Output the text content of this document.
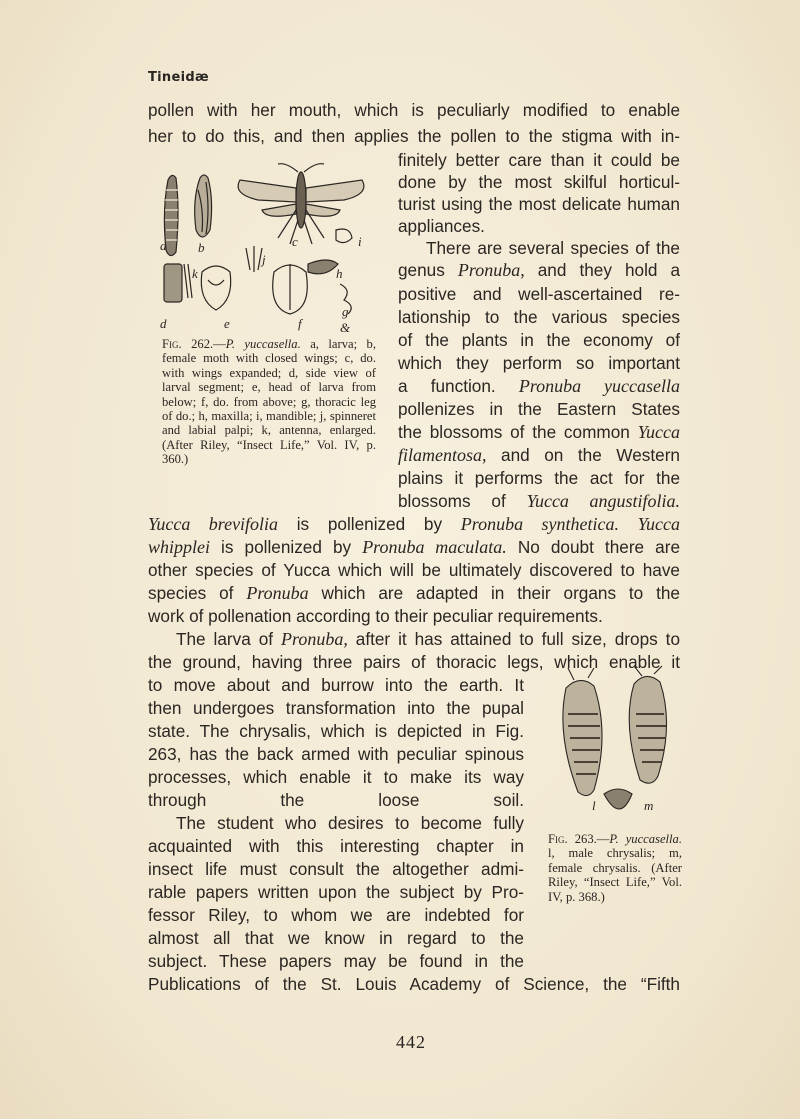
Tineidæ
pollen with her mouth, which is peculiarly modified to enable
her to do this, and then applies the pollen to the stigma with in-
finitely better care than it could be
done by the most skilful horticul-
turist using the most delicate human
appliances.
There are several species of the
genus Pronuba, and they hold a
positive and well-ascertained re-
lationship to the various species
of the plants in the economy of
which they perform so important
a function. Pronuba yuccasella
pollenizes in the Eastern States
the blossoms of the common Yucca
filamentosa, and on the Western
plains it performs the act for the
blossoms of Yucca angustifolia.
Yucca brevifolia is pollenized by Pronuba synthetica. Yucca
whipplei is pollenized by Pronuba maculata. No doubt there are
other species of Yucca which will be ultimately discovered to have
species of Pronuba which are adapted in their organs to the
work of pollenation according to their peculiar requirements.
The larva of Pronuba, after it has attained to full size, drops to
the ground, having three pairs of thoracic legs, which enable it
to move about and burrow into the earth. It
then undergoes transformation into the pupal
state. The chrysalis, which is depicted in Fig.
263, has the back armed with peculiar spinous
processes, which enable it to make its way
through the loose soil.
The student who desires to become fully
acquainted with this interesting chapter in
insect life must consult the altogether admi-
rable papers written upon the subject by Pro-
fessor Riley, to whom we are indebted for
almost all that we know in regard to the
subject. These papers may be found in the
Publications of the St. Louis Academy of Science, the “Fifth
a b	c	i
k
j
h
g
d	e	f	&
Fig. 262.—P. yuccasella. a, larva; b, female moth with closed wings; c, do. with wings expanded; d, side view of larval segment; e, head of larva from below; f, do. from above; g, thoracic leg of do.; h, maxilla; i, mandible; j, spinneret and labial palpi; k, antenna, enlarged. (After Riley, “Insect Life,” Vol. IV, p. 360.)
l	m
Fig. 263.—P. yuccasella. l, male chrysalis; m, female chrysalis. (After Riley, “Insect Life,” Vol. IV, p. 368.)
442
